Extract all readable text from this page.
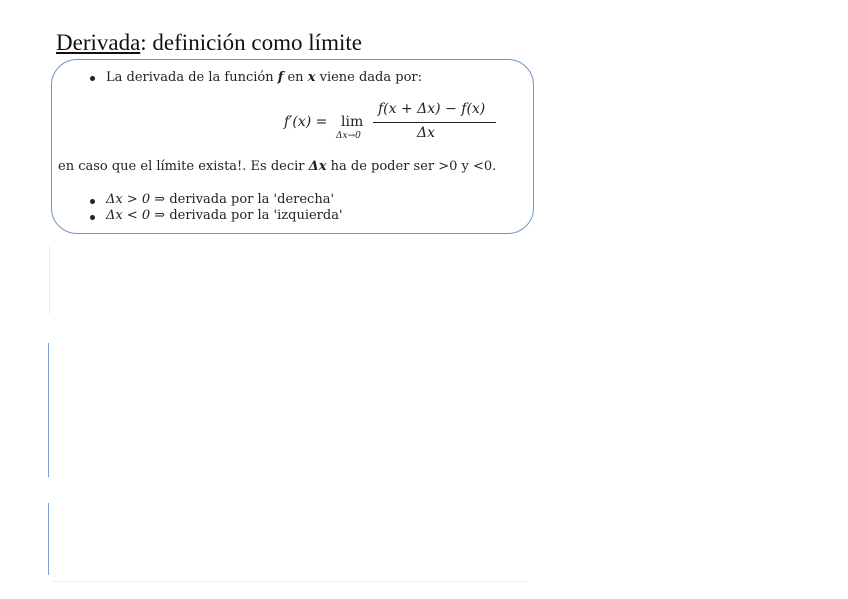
Derivada: definición como límite
La derivada de la función f en x viene dada por:
f′(x) = lim
Δx→0
f(x + Δx) − f(x)
Δx
en caso que el límite exista!. Es decir Δx ha de poder ser >0 y <0.
Δx > 0 ⇒ derivada por la 'derecha'
Δx < 0 ⇒ derivada por la 'izquierda'
